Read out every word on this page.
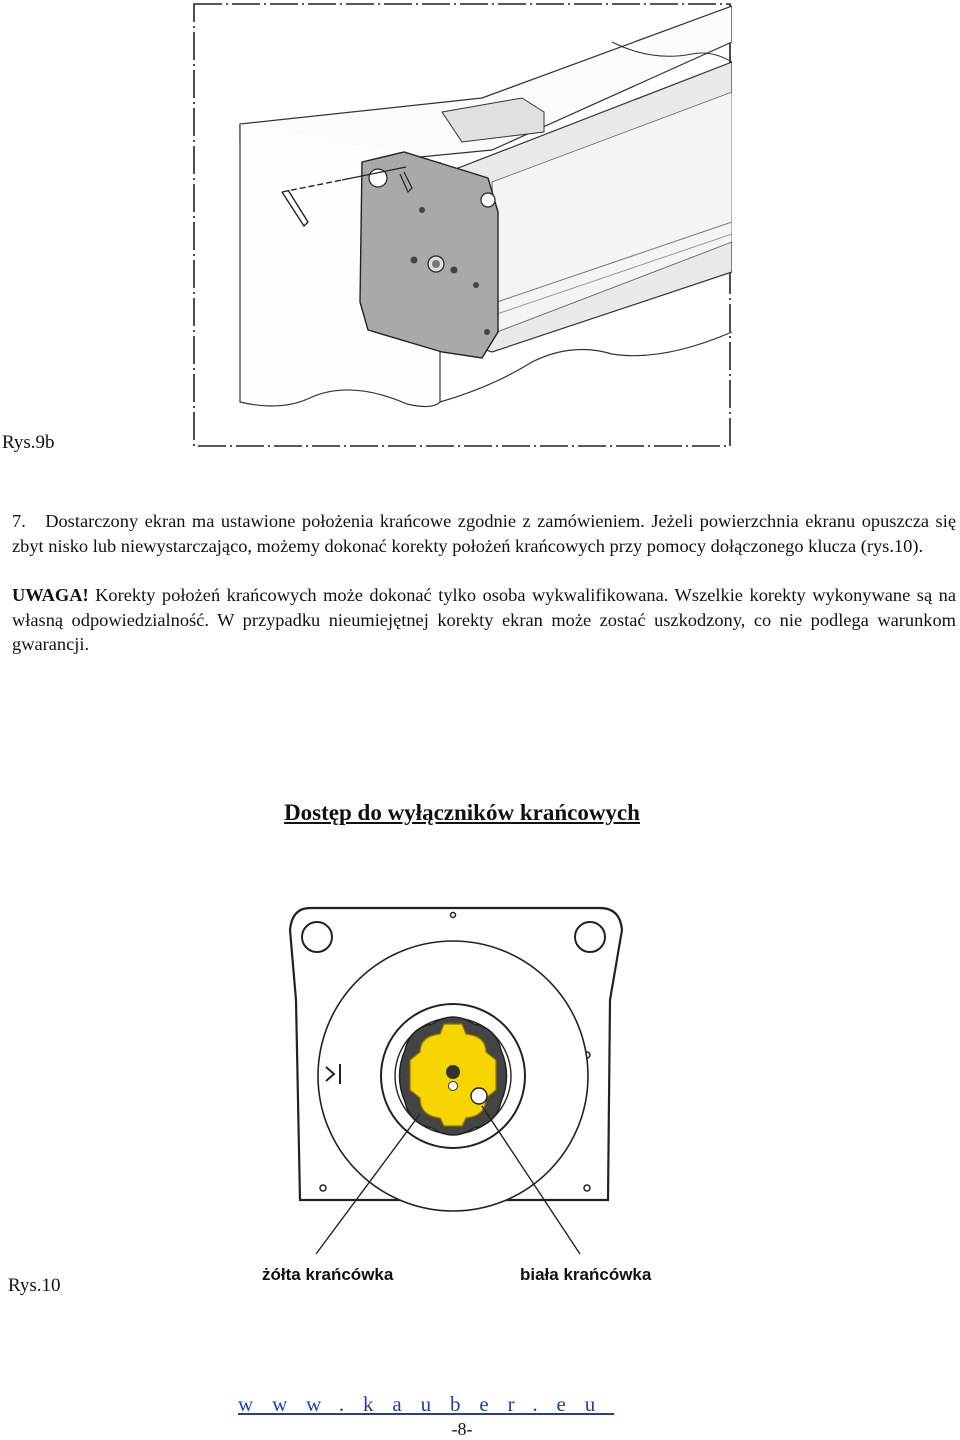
Rys.9b

7. Dostarczony ekran ma ustawione położenia krańcowe zgodnie z zamówieniem. Jeżeli powierzchnia ekranu opuszcza się zbyt nisko lub niewystarczająco, możemy dokonać korekty położeń krańcowych przy pomocy dołączonego klucza (rys.10).

UWAGA! Korekty położeń krańcowych może dokonać tylko osoba wykwalifikowana. Wszelkie korekty wykonywane są na własną odpowiedzialność. W przypadku nieumiejętnej korekty ekran może zostać uszkodzony, co nie podlega warunkom gwarancji.

Dostęp do wyłączników krańcowych
Rys.10
żółta krańcówka	biała krańcówka
www.kauber.eu
-8-
